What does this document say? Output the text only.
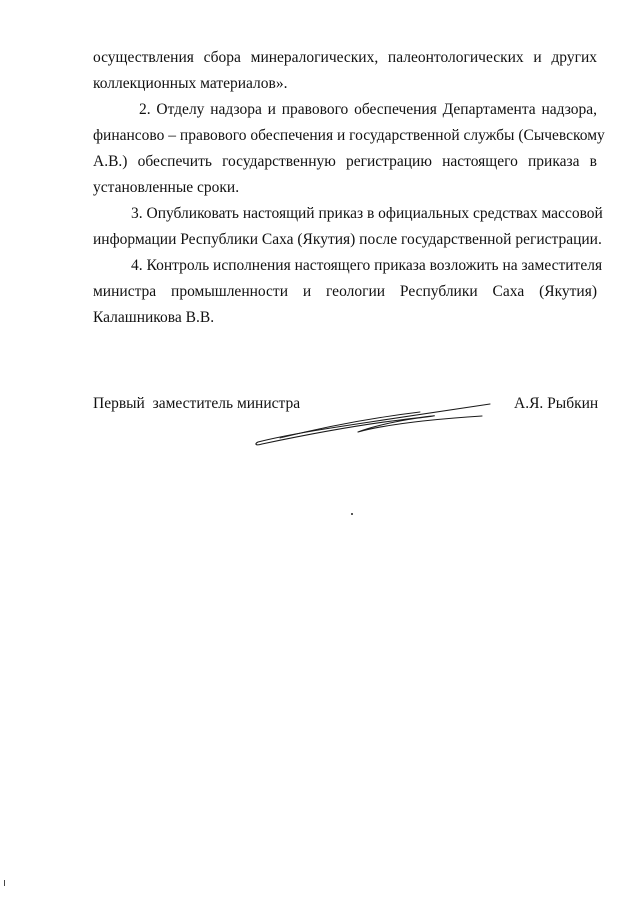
осуществления сбора минералогических, палеонтологических и других
коллекционных материалов».
2. Отделу надзора и правового обеспечения Департамента надзора,
финансово – правового обеспечения и государственной службы (Сычевскому
А.В.) обеспечить государственную регистрацию настоящего приказа в
установленные сроки.
3. Опубликовать настоящий приказ в официальных средствах массовой
информации Республики Саха (Якутия) после государственной регистрации.
4. Контроль исполнения настоящего приказа возложить на заместителя
министра промышленности и геологии Республики Саха (Якутия)
Калашникова В.В.
Первый  заместитель министра	А.Я. Рыбкин
